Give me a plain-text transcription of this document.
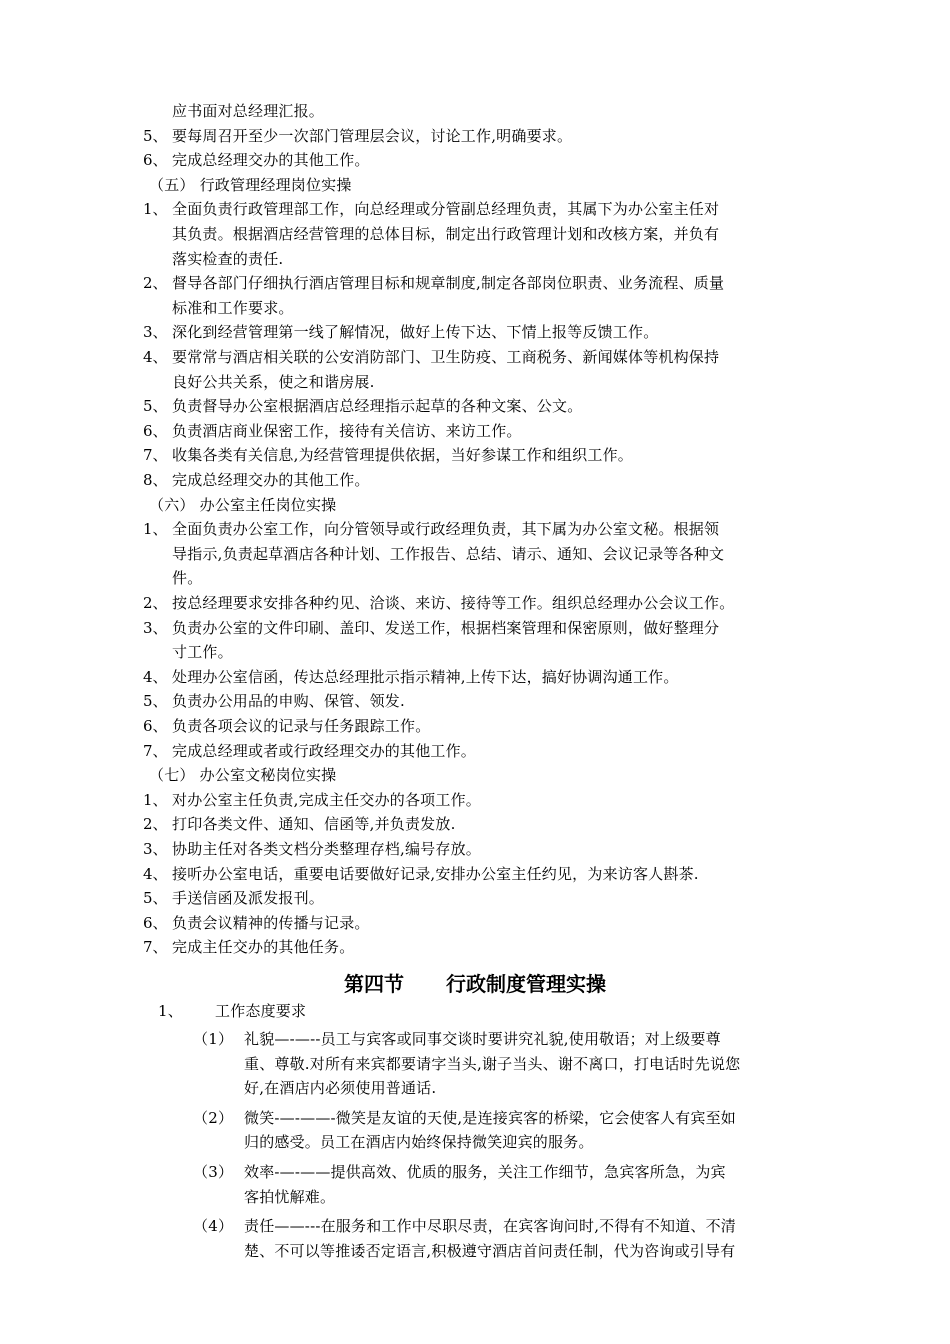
应书面对总经理汇报。
5、 要每周召开至少一次部门管理层会议，讨论工作,明确要求。
6、 完成总经理交办的其他工作。
（五） 行政管理经理岗位实操
1、 全面负责行政管理部工作，向总经理或分管副总经理负责，其属下为办公室主任对
其负责。根据酒店经营管理的总体目标，制定出行政管理计划和改核方案，并负有
落实检查的责任.
2、 督导各部门仔细执行酒店管理目标和规章制度,制定各部岗位职责、业务流程、质量
标准和工作要求。
3、 深化到经营管理第一线了解情况，做好上传下达、下情上报等反馈工作。
4、 要常常与酒店相关联的公安消防部门、卫生防疫、工商税务、新闻媒体等机构保持
良好公共关系，使之和谐房展.
5、 负责督导办公室根据酒店总经理指示起草的各种文案、公文。
6、 负责酒店商业保密工作，接待有关信访、来访工作。
7、 收集各类有关信息,为经营管理提供依据，当好参谋工作和组织工作。
8、 完成总经理交办的其他工作。
（六） 办公室主任岗位实操
1、 全面负责办公室工作，向分管领导或行政经理负责，其下属为办公室文秘。根据领
导指示,负责起草酒店各种计划、工作报告、总结、请示、通知、会议记录等各种文
件。
2、 按总经理要求安排各种约见、洽谈、来访、接待等工作。组织总经理办公会议工作。
3、 负责办公室的文件印刷、盖印、发送工作，根据档案管理和保密原则，做好整理分
寸工作。
4、 处理办公室信函，传达总经理批示指示精神,上传下达，搞好协调沟通工作。
5、 负责办公用品的申购、保管、领发.
6、 负责各项会议的记录与任务跟踪工作。
7、 完成总经理或者或行政经理交办的其他工作。
（七） 办公室文秘岗位实操
1、 对办公室主任负责,完成主任交办的各项工作。
2、 打印各类文件、通知、信函等,并负责发放.
3、 协助主任对各类文档分类整理存档,编号存放。
4、 接听办公室电话，重要电话要做好记录,安排办公室主任约见，为来访客人斟茶.
5、 手送信函及派发报刊。
6、 负责会议精神的传播与记录。
7、 完成主任交办的其他任务。
第四节 行政制度管理实操
1、 工作态度要求
（1） 礼貌—-—--员工与宾客或同事交谈时要讲究礼貌,使用敬语；对上级要尊
重、尊敬.对所有来宾都要请字当头,谢子当头、谢不离口，打电话时先说您
好,在酒店内必须使用普通话.
（2） 微笑-—-——-微笑是友谊的天使,是连接宾客的桥梁，它会使客人有宾至如
归的感受。员工在酒店内始终保持微笑迎宾的服务。
（3） 效率-—-——提供高效、优质的服务，关注工作细节，急宾客所急，为宾
客拍忧解难。
（4） 责任——---在服务和工作中尽职尽责，在宾客询问时,不得有不知道、不清
楚、不可以等推诿否定语言,积极遵守酒店首问责任制，代为咨询或引导有
